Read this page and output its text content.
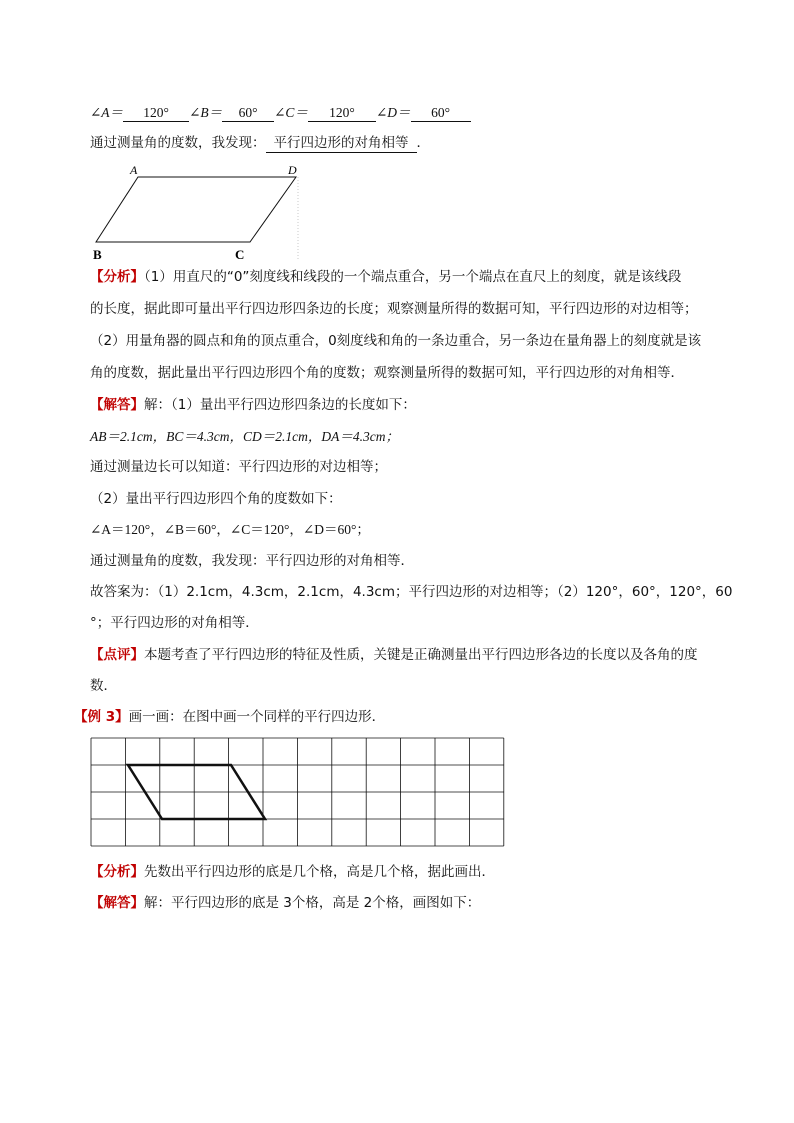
∠A＝ 120° ∠B＝ 60° ∠C＝ 120° ∠D＝ 60°
通过测量角的度数，我发现： 平行四边形的对角相等 ．
A	D
B	C
【分析】（1）用直尺的“0”刻度线和线段的一个端点重合，另一个端点在直尺上的刻度，就是该线段
的长度，据此即可量出平行四边形四条边的长度；观察测量所得的数据可知，平行四边形的对边相等；
（2）用量角器的圆点和角的顶点重合，0刻度线和角的一条边重合，另一条边在量角器上的刻度就是该
角的度数，据此量出平行四边形四个角的度数；观察测量所得的数据可知，平行四边形的对角相等．
【解答】解：（1）量出平行四边形四条边的长度如下：
AB＝2.1cm，BC＝4.3cm，CD＝2.1cm，DA＝4.3cm；
通过测量边长可以知道：平行四边形的对边相等；
（2）量出平行四边形四个角的度数如下：
∠A＝120°，∠B＝60°，∠C＝120°，∠D＝60°；
通过测量角的度数，我发现：平行四边形的对角相等．
故答案为：（1）2.1cm，4.3cm，2.1cm，4.3cm；平行四边形的对边相等；（2）120°，60°，120°，60
°；平行四边形的对角相等．
【点评】本题考查了平行四边形的特征及性质，关键是正确测量出平行四边形各边的长度以及各角的度
数．
【例 3】画一画：在图中画一个同样的平行四边形．
【分析】先数出平行四边形的底是几个格，高是几个格，据此画出．
【解答】解：平行四边形的底是 3个格，高是 2个格，画图如下：
